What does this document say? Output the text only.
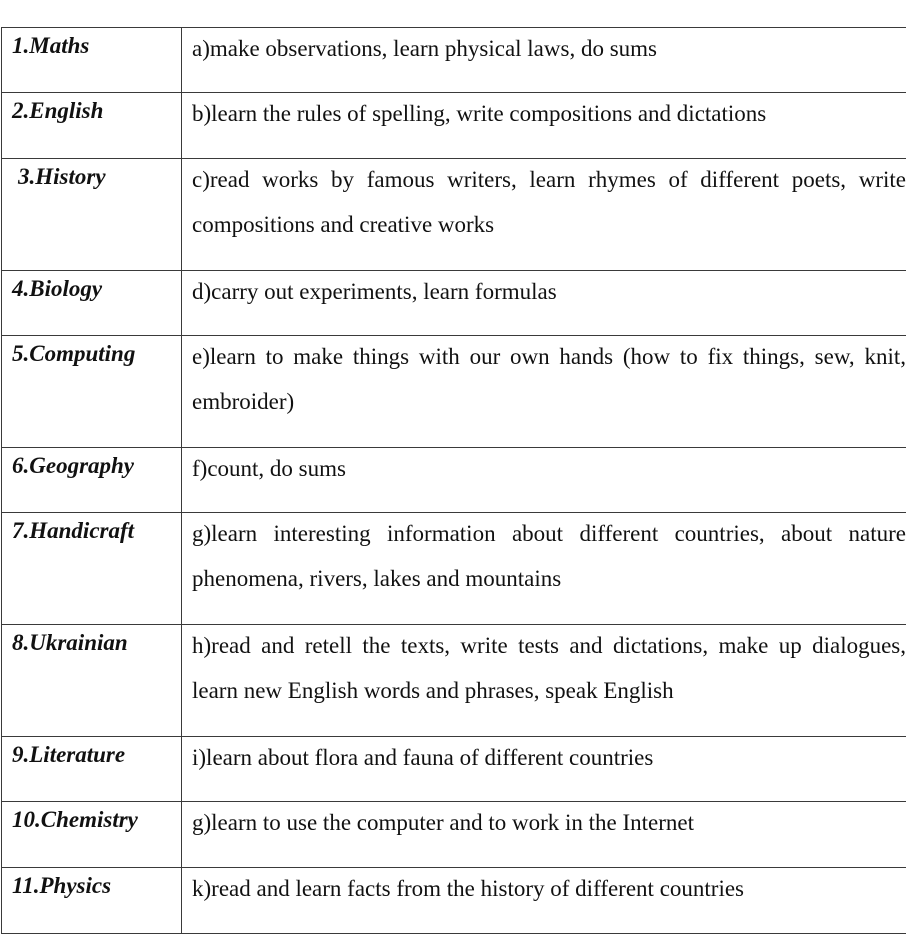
1.Maths	a)make observations, learn physical laws, do sums

2.English	b)learn the rules of spelling, write compositions and dictations

3.History	c)read works by famous writers, learn rhymes of different poets, write compositions and creative works

4.Biology	d)carry out experiments, learn formulas

5.Computing	e)learn to make things with our own hands (how to fix things, sew, knit, embroider)

6.Geography	f)count, do sums

7.Handicraft	g)learn interesting information about different countries, about nature phenomena, rivers, lakes and mountains

8.Ukrainian	h)read and retell the texts, write tests and dictations, make up dialogues, learn new English words and phrases, speak English

9.Literature	i)learn about flora and fauna of different countries

10.Chemistry	g)learn to use the computer and to work in the Internet

11.Physics	k)read and learn facts from the history of different countries
